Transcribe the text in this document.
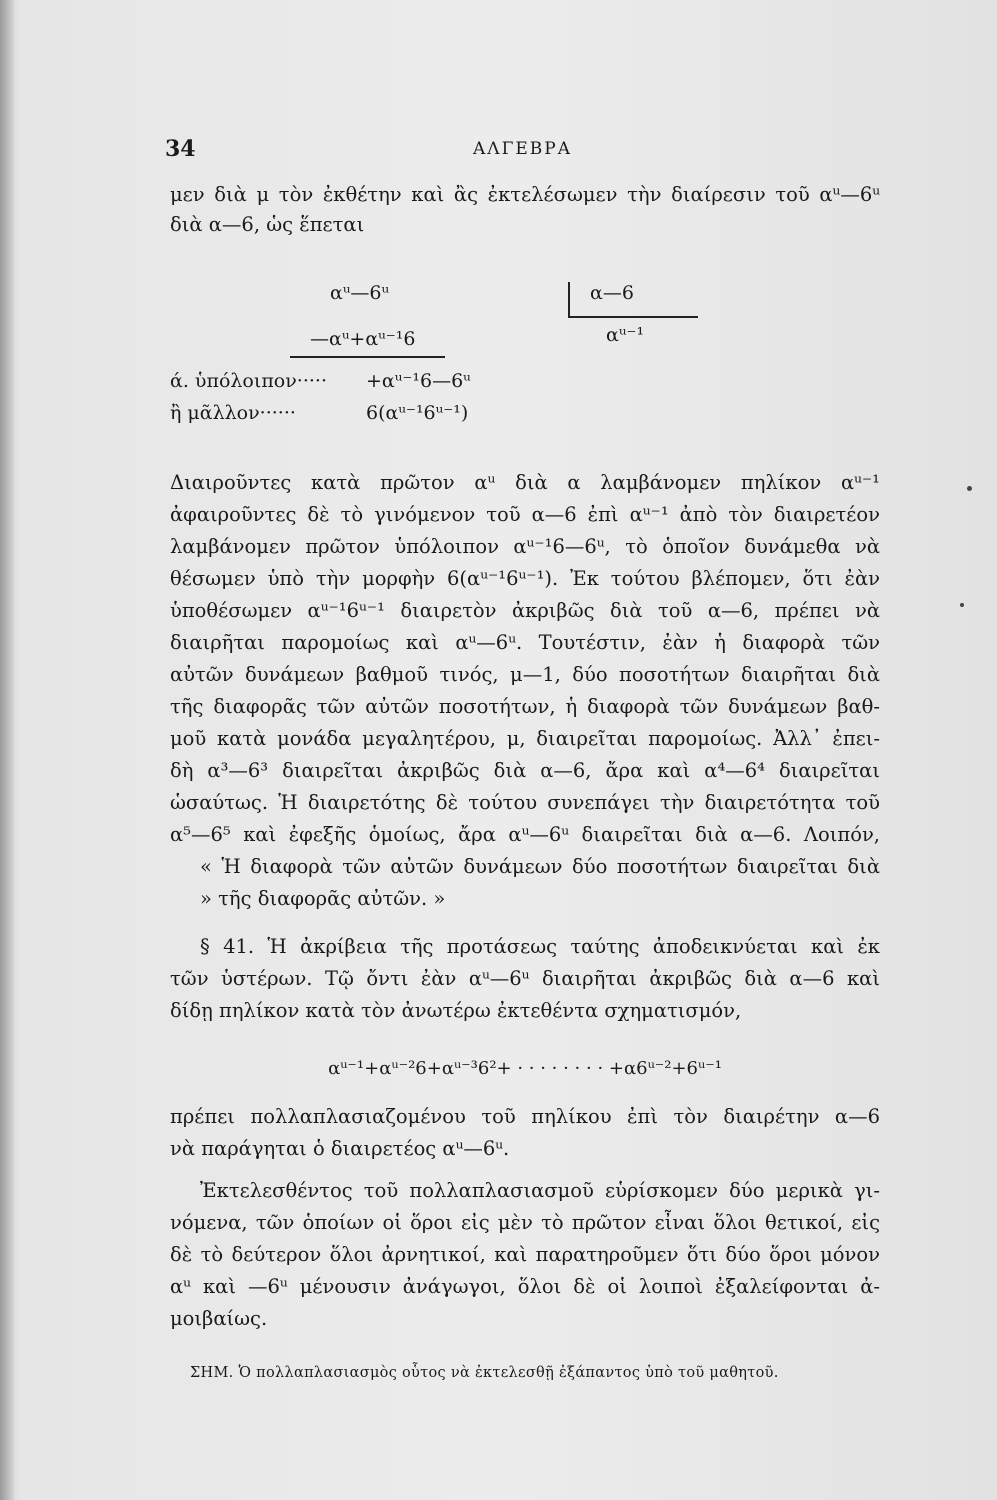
34	ΑΛΓΕΒΡΑ
μεν διὰ μ τὸν ἐκθέτην καὶ ἂς ἐκτελέσωμεν τὴν διαίρεσιν τοῦ αᵘ—6ᵘ
διὰ α—6, ὡς ἕπεται
αᵘ—6ᵘ	α—6
αᵘ⁻¹
—αᵘ+αᵘ⁻¹6
ά. ὑπόλοιπον····· +αᵘ⁻¹6—6ᵘ
ἢ μᾶλλον······	6(αᵘ⁻¹6ᵘ⁻¹)
Διαιροῦντες κατὰ πρῶτον αᵘ διὰ α λαμβάνομεν πηλίκον αᵘ⁻¹
ἀφαιροῦντες δὲ τὸ γινόμενον τοῦ α—6 ἐπὶ αᵘ⁻¹ ἀπὸ τὸν διαιρετέον
λαμβάνομεν πρῶτον ὑπόλοιπον αᵘ⁻¹6—6ᵘ, τὸ ὁποῖον δυνάμεθα νὰ
θέσωμεν ὑπὸ τὴν μορφὴν 6(αᵘ⁻¹6ᵘ⁻¹). Ἐκ τούτου βλέπομεν, ὅτι ἐὰν
ὑποθέσωμεν αᵘ⁻¹6ᵘ⁻¹ διαιρετὸν ἀκριβῶς διὰ τοῦ α—6, πρέπει νὰ
διαιρῆται παρομοίως καὶ αᵘ—6ᵘ. Τουτέστιν, ἐὰν ἡ διαφορὰ τῶν
αὐτῶν δυνάμεων βαθμοῦ τινός, μ—1, δύο ποσοτήτων διαιρῆται διὰ
τῆς διαφορᾶς τῶν αὐτῶν ποσοτήτων, ἡ διαφορὰ τῶν δυνάμεων βαθ-
μοῦ κατὰ μονάδα μεγαλητέρου, μ, διαιρεῖται παρομοίως. Ἀλλ᾽ ἐπει-
δὴ α³—6³ διαιρεῖται ἀκριβῶς διὰ α—6, ἄρα καὶ α⁴—6⁴ διαιρεῖται
ὡσαύτως. Ἡ διαιρετότης δὲ τούτου συνεπάγει τὴν διαιρετότητα τοῦ
α⁵—6⁵ καὶ ἐφεξῆς ὁμοίως, ἄρα αᵘ—6ᵘ διαιρεῖται διὰ α—6. Λοιπόν,
« Ἡ διαφορὰ τῶν αὐτῶν δυνάμεων δύο ποσοτήτων διαιρεῖται διὰ
» τῆς διαφορᾶς αὐτῶν. »
§ 41. Ἡ ἀκρίβεια τῆς προτάσεως ταύτης ἀποδεικνύεται καὶ ἐκ
τῶν ὑστέρων. Τῷ ὄντι ἐὰν αᵘ—6ᵘ διαιρῆται ἀκριβῶς διὰ α—6 καὶ
δίδῃ πηλίκον κατὰ τὸν ἀνωτέρω ἐκτεθέντα σχηματισμόν,
αᵘ⁻¹+αᵘ⁻²6+αᵘ⁻³6²+ · · · · · · · · +α6ᵘ⁻²+6ᵘ⁻¹
πρέπει πολλαπλασιαζομένου τοῦ πηλίκου ἐπὶ τὸν διαιρέτην α—6
νὰ παράγηται ὁ διαιρετέος αᵘ—6ᵘ.
Ἐκτελεσθέντος τοῦ πολλαπλασιασμοῦ εὑρίσκομεν δύο μερικὰ γι-
νόμενα, τῶν ὁποίων οἱ ὅροι εἰς μὲν τὸ πρῶτον εἶναι ὅλοι θετικοί, εἰς
δὲ τὸ δεύτερον ὅλοι ἀρνητικοί, καὶ παρατηροῦμεν ὅτι δύο ὅροι μόνον
αᵘ καὶ —6ᵘ μένουσιν ἀνάγωγοι, ὅλοι δὲ οἱ λοιποὶ ἐξαλείφονται ἀ-
μοιβαίως.
ΣΗΜ. Ὁ πολλαπλασιασμὸς οὗτος νὰ ἐκτελεσθῇ ἐξάπαντος ὑπὸ τοῦ μαθητοῦ.
